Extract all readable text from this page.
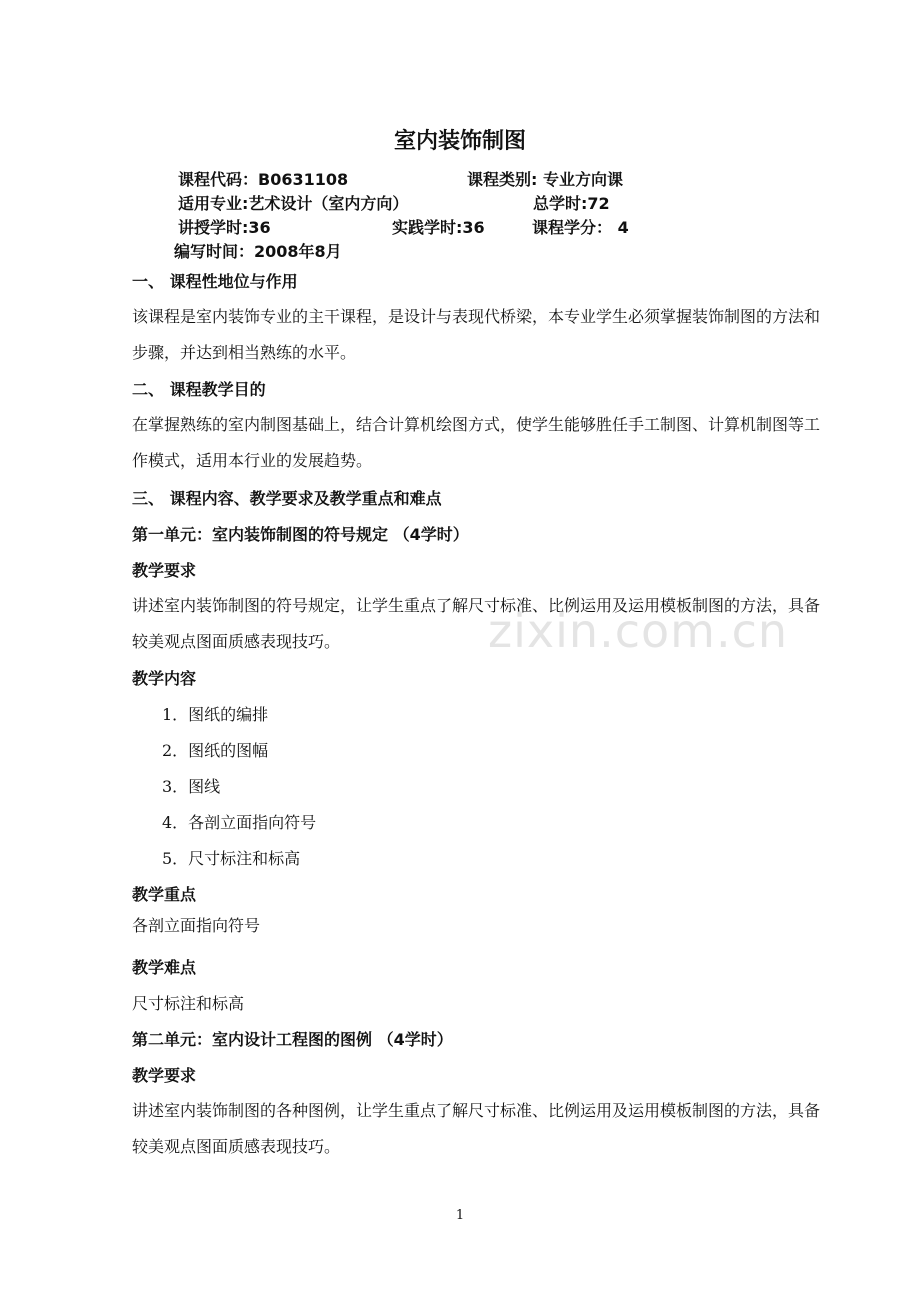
室内装饰制图
课程代码：B0631108	课程类别: 专业方向课
适用专业:艺术设计（室内方向）	总学时:72
讲授学时:36	实践学时:36	课程学分： 4
编写时间：2008年8月
一、 课程性地位与作用
该课程是室内装饰专业的主干课程，是设计与表现代桥梁，本专业学生必须掌握装饰制图的方法和步骤，并达到相当熟练的水平。
二、 课程教学目的
在掌握熟练的室内制图基础上，结合计算机绘图方式，使学生能够胜任手工制图、计算机制图等工作模式，适用本行业的发展趋势。
三、 课程内容、教学要求及教学重点和难点
第一单元：室内装饰制图的符号规定 （4学时）
教学要求
讲述室内装饰制图的符号规定，让学生重点了解尺寸标准、比例运用及运用模板制图的方法，具备较美观点图面质感表现技巧。
教学内容
1．图纸的编排
2．图纸的图幅
3．图线
4．各剖立面指向符号
5．尺寸标注和标高
教学重点
各剖立面指向符号
教学难点
尺寸标注和标高
第二单元：室内设计工程图的图例 （4学时）
教学要求
讲述室内装饰制图的各种图例，让学生重点了解尺寸标准、比例运用及运用模板制图的方法，具备较美观点图面质感表现技巧。
zixin.com.cn
1
